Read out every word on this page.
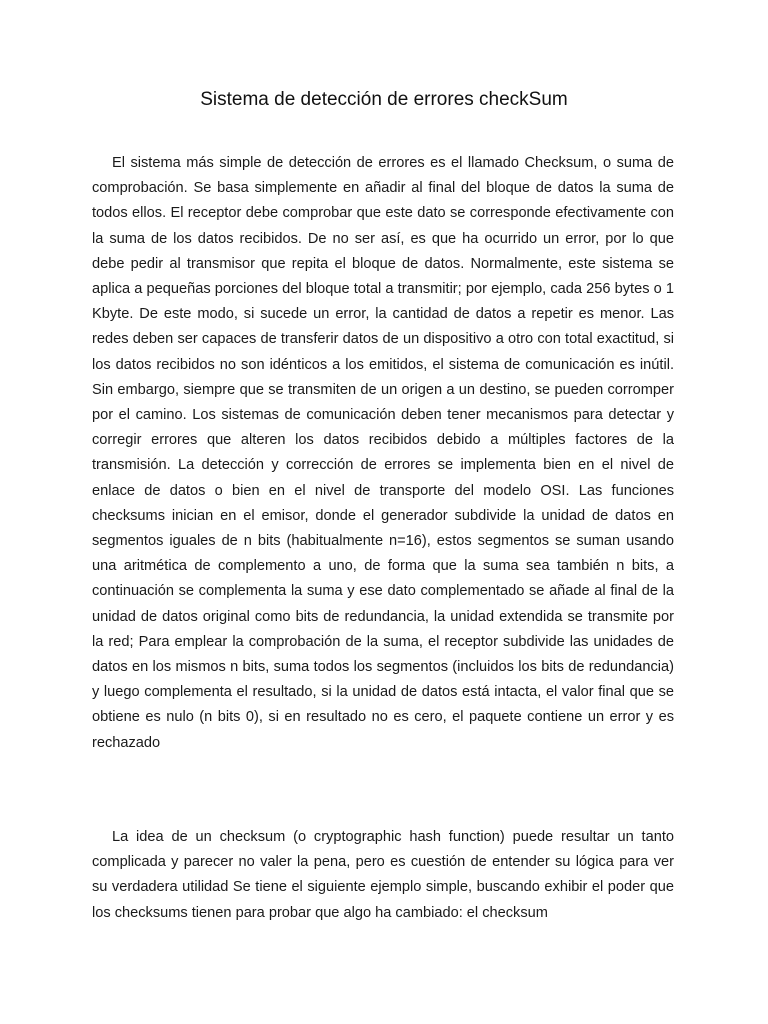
Sistema de detección de errores checkSum

El sistema más simple de detección de errores es el llamado Checksum, o suma de comprobación. Se basa simplemente en añadir al final del bloque de datos la suma de todos ellos. El receptor debe comprobar que este dato se corresponde efectivamente con la suma de los datos recibidos. De no ser así, es que ha ocurrido un error, por lo que debe pedir al transmisor que repita el bloque de datos. Normalmente, este sistema se aplica a pequeñas porciones del bloque total a transmitir; por ejemplo, cada 256 bytes o 1 Kbyte. De este modo, si sucede un error, la cantidad de datos a repetir es menor. Las redes deben ser capaces de transferir datos de un dispositivo a otro con total exactitud, si los datos recibidos no son idénticos a los emitidos, el sistema de comunicación es inútil. Sin embargo, siempre que se transmiten de un origen a un destino, se pueden corromper por el camino. Los sistemas de comunicación deben tener mecanismos para detectar y corregir errores que alteren los datos recibidos debido a múltiples factores de la transmisión. La detección y corrección de errores se implementa bien en el nivel de enlace de datos o bien en el nivel de transporte del modelo OSI. Las funciones checksums inician en el emisor, donde el generador subdivide la unidad de datos en segmentos iguales de n bits (habitualmente n=16), estos segmentos se suman usando una aritmética de complemento a uno, de forma que la suma sea también n bits, a continuación se complementa la suma y ese dato complementado se añade al final de la unidad de datos original como bits de redundancia, la unidad extendida se transmite por la red; Para emplear la comprobación de la suma, el receptor subdivide las unidades de datos en los mismos n bits, suma todos los segmentos (incluidos los bits de redundancia) y luego complementa el resultado, si la unidad de datos está intacta, el valor final que se obtiene es nulo (n bits 0), si en resultado no es cero, el paquete contiene un error y es rechazado

La idea de un checksum (o cryptographic hash function) puede resultar un tanto complicada y parecer no valer la pena, pero es cuestión de entender su lógica para ver su verdadera utilidad Se tiene el siguiente ejemplo simple, buscando exhibir el poder que los checksums tienen para probar que algo ha cambiado: el checksum
